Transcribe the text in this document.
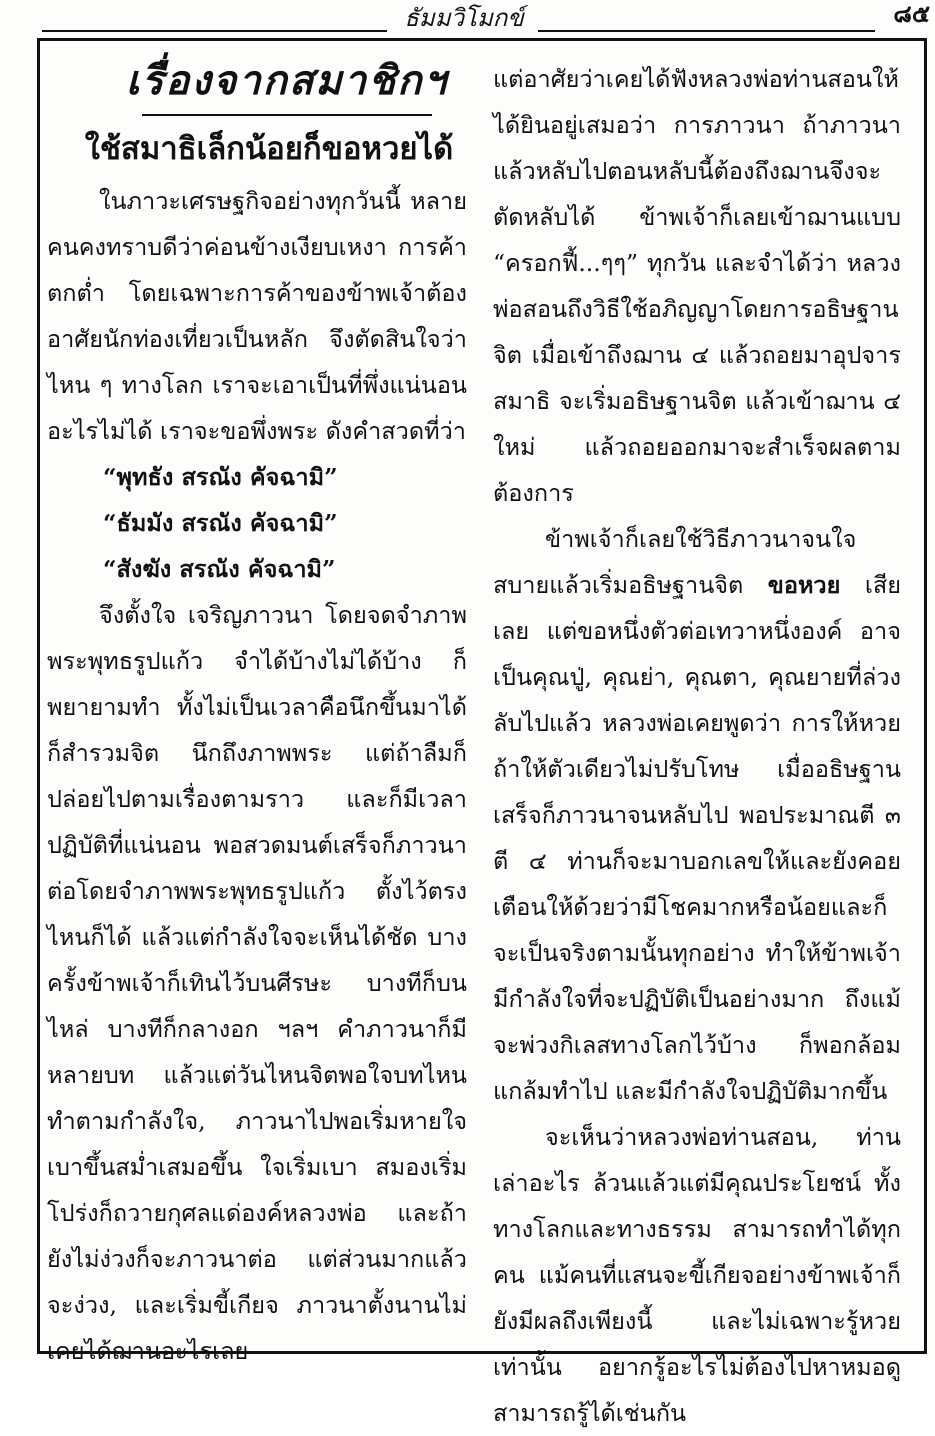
ธัมมวิโมกข์	๘๕
เรื่องจากสมาชิกฯ
ใช้สมาธิเล็กน้อยก็ขอหวยได้

ในภาวะเศรษฐกิจอย่างทุกวันนี้ หลายคนคงทราบดีว่าค่อนข้างเงียบเหงา การค้าตกต่ำ โดยเฉพาะการค้าของข้าพเจ้าต้องอาศัยนักท่องเที่ยวเป็นหลัก จึงตัดสินใจว่าไหน ๆ ทางโลก เราจะเอาเป็นที่พึ่งแน่นอนอะไรไม่ได้ เราจะขอพึ่งพระ ดังคำสวดที่ว่า

“พุทธัง สรณัง คัจฉามิ”

“ธัมมัง สรณัง คัจฉามิ”

“สังฆัง สรณัง คัจฉามิ”

จึงตั้งใจ เจริญภาวนา โดยจดจำภาพพระพุทธรูปแก้ว จำได้บ้างไม่ได้บ้าง ก็พยายามทำ ทั้งไม่เป็นเวลาคือนึกขึ้นมาได้ก็สำรวมจิต นึกถึงภาพพระ แต่ถ้าลืมก็ปล่อยไปตามเรื่องตามราว และก็มีเวลาปฏิบัติที่แน่นอน พอสวดมนต์เสร็จก็ภาวนาต่อโดยจำภาพพระพุทธรูปแก้ว ตั้งไว้ตรงไหนก็ได้ แล้วแต่กำลังใจจะเห็นได้ชัด บางครั้งข้าพเจ้าก็เทินไว้บนศีรษะ บางทีก็บนไหล่ บางทีก็กลางอก ฯลฯ คำภาวนาก็มีหลายบท แล้วแต่วันไหนจิตพอใจบทไหนทำตามกำลังใจ, ภาวนาไปพอเริ่มหายใจเบาขึ้นสม่ำเสมอขึ้น ใจเริ่มเบา สมองเริ่มโปร่งก็ถวายกุศลแด่องค์หลวงพ่อ และถ้ายังไม่ง่วงก็จะภาวนาต่อ แต่ส่วนมากแล้วจะง่วง, และเริ่มขี้เกียจ ภาวนาตั้งนานไม่เคยได้ฌานอะไรเลย

แต่อาศัยว่าเคยได้ฟังหลวงพ่อท่านสอนให้ได้ยินอยู่เสมอว่า การภาวนา ถ้าภาวนาแล้วหลับไปตอนหลับนี้ต้องถึงฌานจึงจะตัดหลับได้ ข้าพเจ้าก็เลยเข้าฌานแบบ “ครอกฟี้...ๆๆ” ทุกวัน และจำได้ว่า หลวงพ่อสอนถึงวิธีใช้อภิญญาโดยการอธิษฐานจิต เมื่อเข้าถึงฌาน ๔ แล้วถอยมาอุปจารสมาธิ จะเริ่มอธิษฐานจิต แล้วเข้าฌาน ๔ ใหม่ แล้วถอยออกมาจะสำเร็จผลตามต้องการ

ข้าพเจ้าก็เลยใช้วิธีภาวนาจนใจสบายแล้วเริ่มอธิษฐานจิต ขอหวย เสียเลย แต่ขอหนึ่งตัวต่อเทวาหนึ่งองค์ อาจเป็นคุณปู่, คุณย่า, คุณตา, คุณยายที่ล่วงลับไปแล้ว หลวงพ่อเคยพูดว่า การให้หวยถ้าให้ตัวเดียวไม่ปรับโทษ เมื่ออธิษฐานเสร็จก็ภาวนาจนหลับไป พอประมาณตี ๓ ตี ๔ ท่านก็จะมาบอกเลขให้และยังคอยเตือนให้ด้วยว่ามีโชคมากหรือน้อยและก็จะเป็นจริงตามนั้นทุกอย่าง ทำให้ข้าพเจ้ามีกำลังใจที่จะปฏิบัติเป็นอย่างมาก ถึงแม้จะพ่วงกิเลสทางโลกไว้บ้าง ก็พอกล้อมแกล้มทำไป และมีกำลังใจปฏิบัติมากขึ้น

จะเห็นว่าหลวงพ่อท่านสอน, ท่านเล่าอะไร ล้วนแล้วแต่มีคุณประโยชน์ ทั้งทางโลกและทางธรรม สามารถทำได้ทุกคน แม้คนที่แสนจะขี้เกียจอย่างข้าพเจ้าก็ยังมีผลถึงเพียงนี้ และไม่เฉพาะรู้หวยเท่านั้น อยากรู้อะไรไม่ต้องไปหาหมอดู สามารถรู้ได้เช่นกัน
